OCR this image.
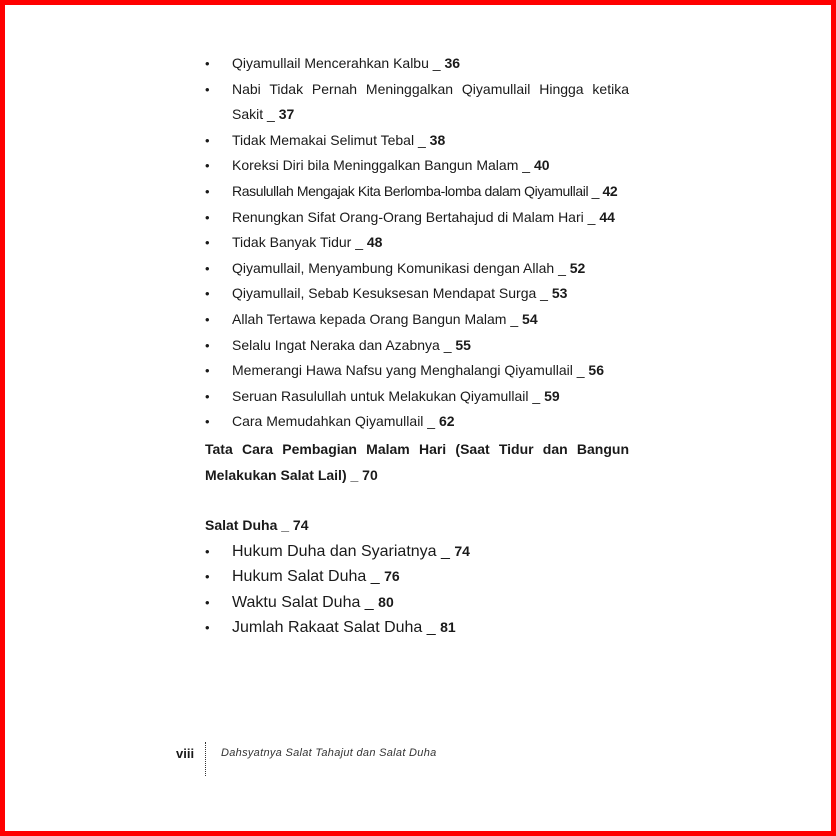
•	Qiyamullail Mencerahkan Kalbu _ 36
•	Nabi Tidak Pernah Meninggalkan Qiyamullail Hingga ketika Sakit _ 37
•	Tidak Memakai Selimut Tebal _ 38
•	Koreksi Diri bila Meninggalkan Bangun Malam _ 40
•	Rasulullah Mengajak Kita Berlomba-lomba dalam Qiyamullail _ 42
•	Renungkan Sifat Orang-Orang Bertahajud di Malam Hari _ 44
•	Tidak Banyak Tidur _ 48
•	Qiyamullail, Menyambung Komunikasi dengan Allah _ 52
•	Qiyamullail, Sebab Kesuksesan Mendapat Surga _ 53
•	Allah Tertawa kepada Orang Bangun Malam _ 54
•	Selalu Ingat Neraka dan Azabnya _ 55
•	Memerangi Hawa Nafsu yang Menghalangi Qiyamullail _ 56
•	Seruan Rasulullah untuk Melakukan Qiyamullail _ 59
•	Cara Memudahkan Qiyamullail _ 62
Tata Cara Pembagian Malam Hari (Saat Tidur dan Bangun Melakukan Salat Lail) _ 70
Salat Duha _ 74
•	Hukum Duha dan Syariatnya _ 74
•	Hukum Salat Duha _ 76
•	Waktu Salat Duha _ 80
•	Jumlah Rakaat Salat Duha _ 81
viii Dahsyatnya Salat Tahajut dan Salat Duha
